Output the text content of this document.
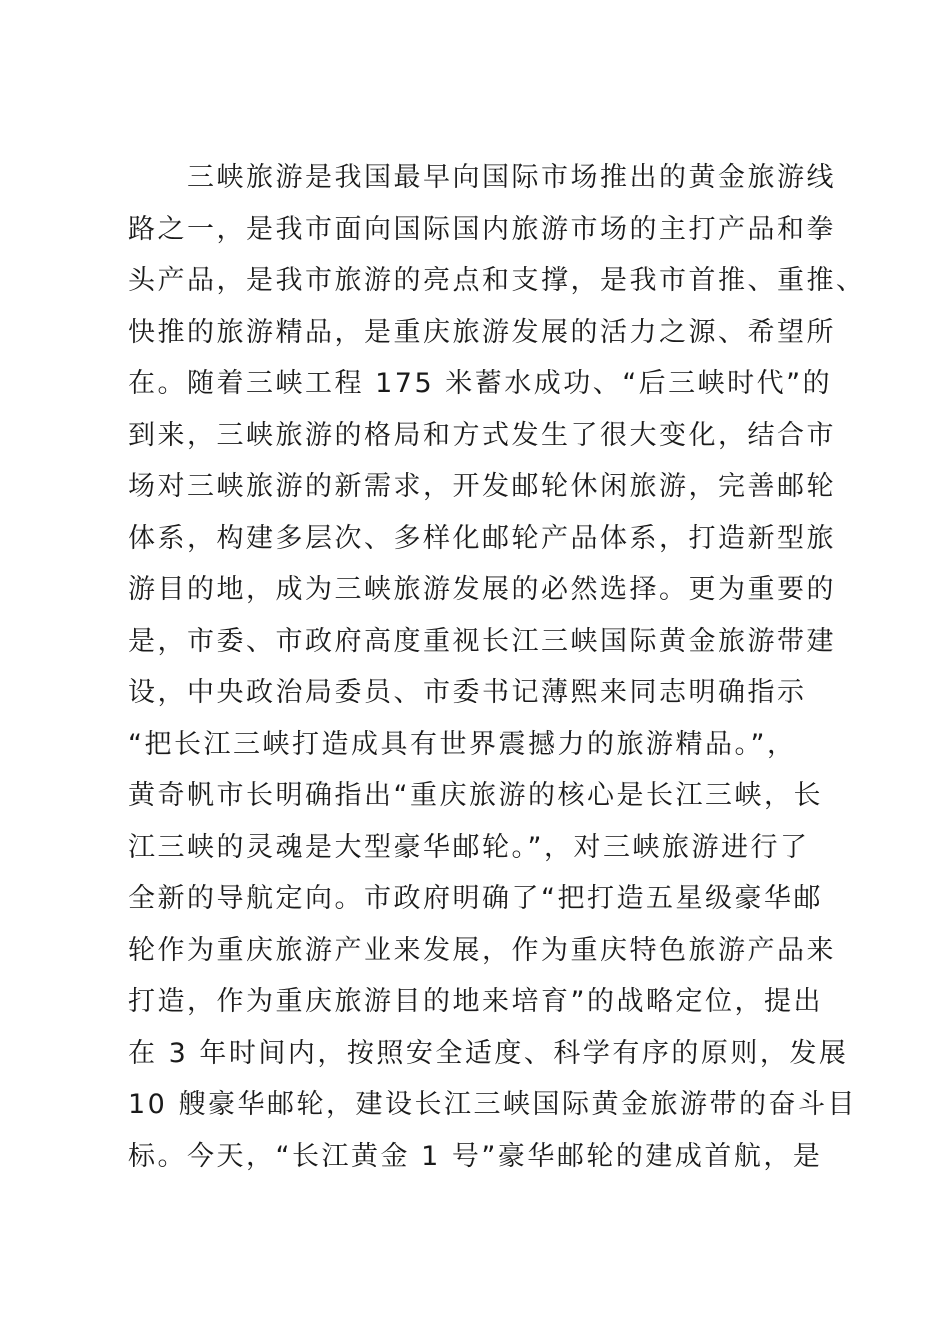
　　三峡旅游是我国最早向国际市场推出的黄金旅游线
路之一，是我市面向国际国内旅游市场的主打产品和拳
头产品，是我市旅游的亮点和支撑，是我市首推、重推、
快推的旅游精品，是重庆旅游发展的活力之源、希望所
在。随着三峡工程 175 米蓄水成功、“后三峡时代”的
到来，三峡旅游的格局和方式发生了很大变化，结合市
场对三峡旅游的新需求，开发邮轮休闲旅游，完善邮轮
体系，构建多层次、多样化邮轮产品体系，打造新型旅
游目的地，成为三峡旅游发展的必然选择。更为重要的
是，市委、市政府高度重视长江三峡国际黄金旅游带建
设，中央政治局委员、市委书记薄熙来同志明确指示
“把长江三峡打造成具有世界震撼力的旅游精品。”，
黄奇帆市长明确指出“重庆旅游的核心是长江三峡，长
江三峡的灵魂是大型豪华邮轮。”，对三峡旅游进行了
全新的导航定向。市政府明确了“把打造五星级豪华邮
轮作为重庆旅游产业来发展，作为重庆特色旅游产品来
打造，作为重庆旅游目的地来培育”的战略定位，提出
在 3 年时间内，按照安全适度、科学有序的原则，发展
10 艘豪华邮轮，建设长江三峡国际黄金旅游带的奋斗目
标。今天，“长江黄金 1 号”豪华邮轮的建成首航，是
